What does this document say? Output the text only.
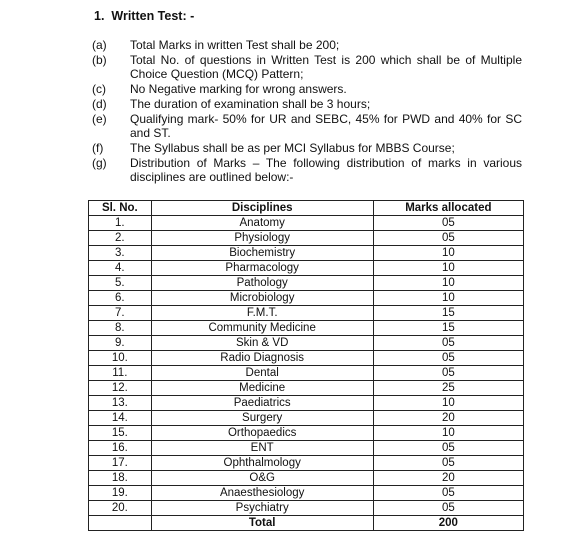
1. Written Test: -
(a)	Total Marks in written Test shall be 200;
(b)	Total No. of questions in Written Test is 200 which shall be of Multiple Choice Question (MCQ) Pattern;
(c)	No Negative marking for wrong answers.
(d)	The duration of examination shall be 3 hours;
(e)	Qualifying mark- 50% for UR and SEBC, 45% for PWD and 40% for SC and ST.
(f)	The Syllabus shall be as per MCI Syllabus for MBBS Course;
(g)	Distribution of Marks – The following distribution of marks in various disciplines are outlined below:-
Sl. No.	Disciplines	Marks allocated
1.	Anatomy	05
2.	Physiology	05
3.	Biochemistry	10
4.	Pharmacology	10
5.	Pathology	10
6.	Microbiology	10
7.	F.M.T.	15
8.	Community Medicine	15
9.	Skin & VD	05
10.	Radio Diagnosis	05
11.	Dental	05
12.	Medicine	25
13.	Paediatrics	10
14.	Surgery	20
15.	Orthopaedics	10
16.	ENT	05
17.	Ophthalmology	05
18.	O&G	20
19.	Anaesthesiology	05
20.	Psychiatry	05
	Total	200
